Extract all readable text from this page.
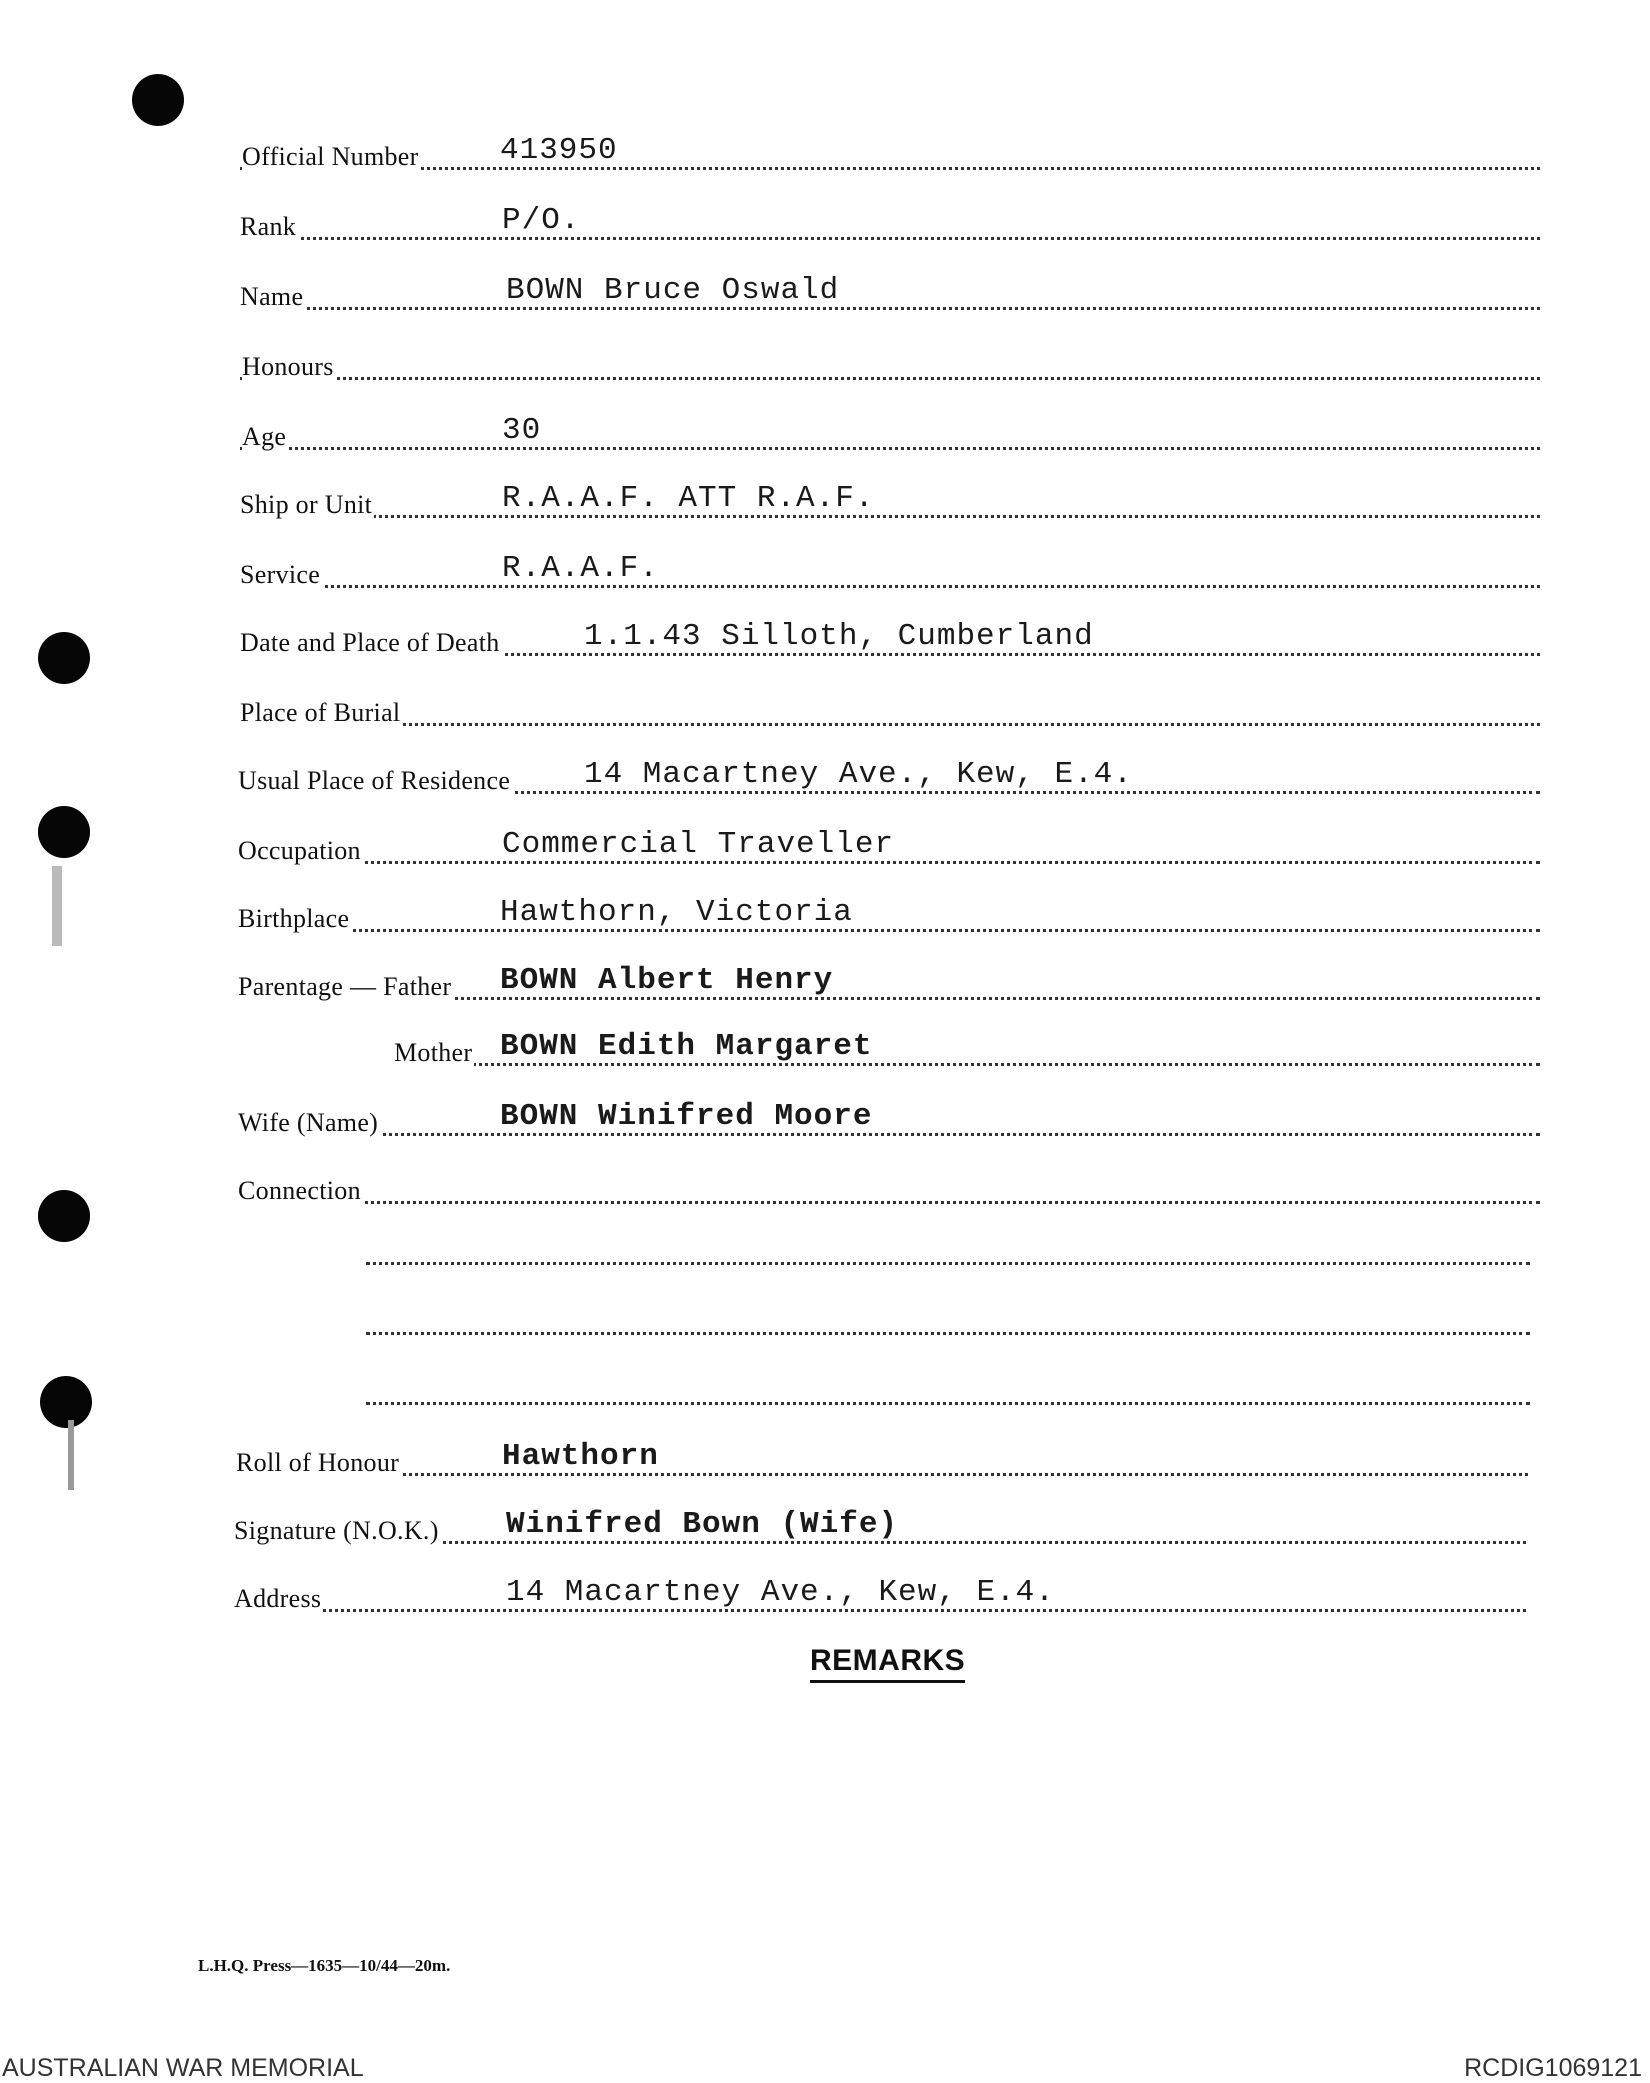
Official Number	413950
Rank	P/O.
Name	BOWN Bruce Oswald
Honours
Age	30
Ship or Unit	R.A.A.F. ATT R.A.F.
Service	R.A.A.F.
Date and Place of Death	1.1.43 Silloth, Cumberland
Place of Burial
Usual Place of Residence 14 Macartney Ave., Kew, E.4.
Occupation	Commercial Traveller
Birthplace	Hawthorn, Victoria
Parentage — Father BOWN Albert Henry
Mother BOWN Edith Margaret
Wife (Name)	BOWN Winifred Moore
Connection
Roll of Honour	Hawthorn
Signature (N.O.K.) Winifred Bown (Wife)
Address	14 Macartney Ave., Kew, E.4.
REMARKS
L.H.Q. Press—1635—10/44—20m.
AUSTRALIAN WAR MEMORIAL	RCDIG1069121
